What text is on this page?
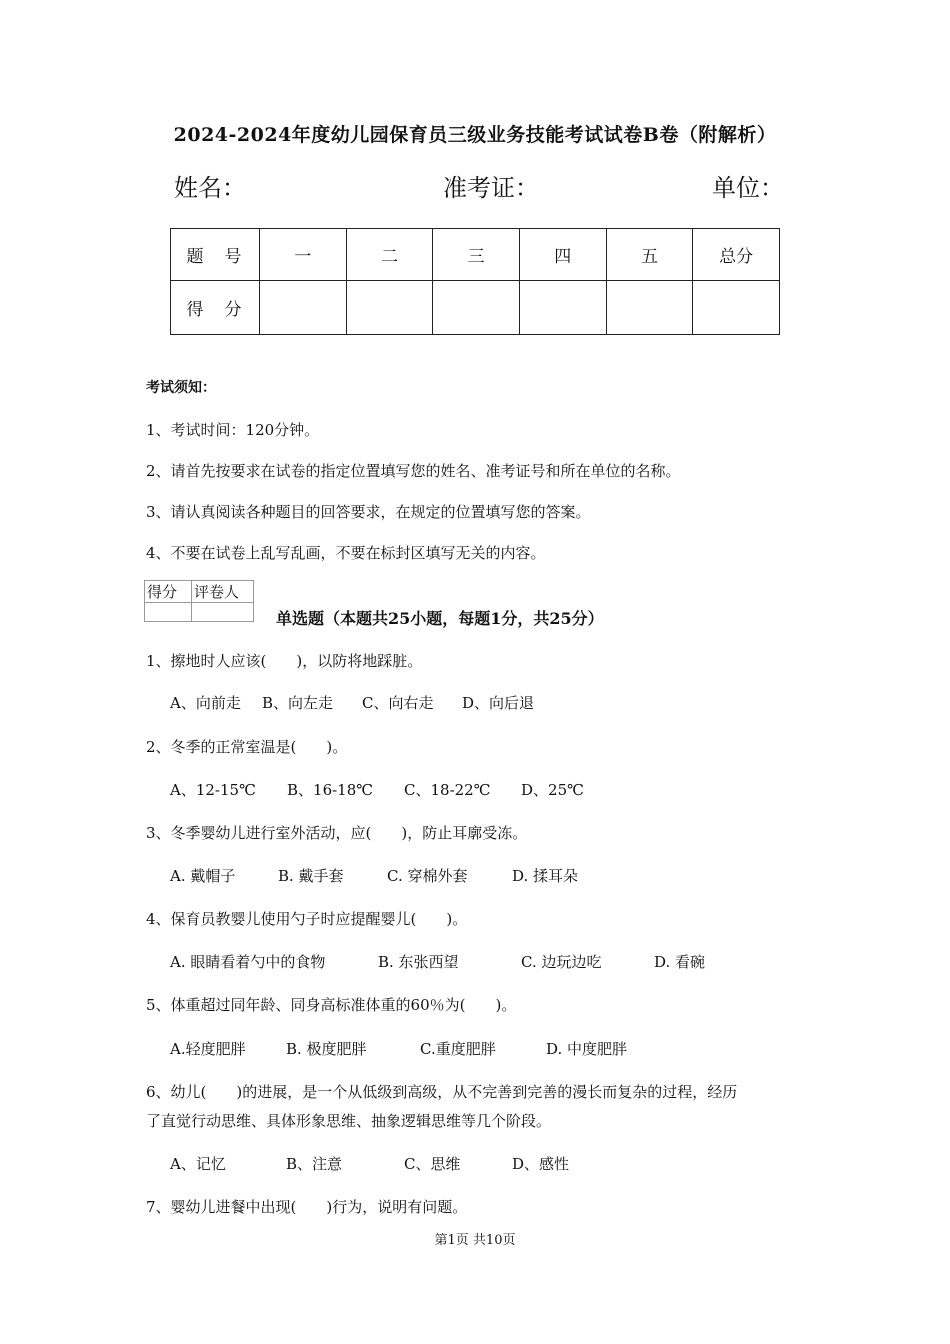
2024-2024年度幼儿园保育员三级业务技能考试试卷B卷（附解析）
姓名：	准考证：	单位：
题　号	一	二	三	四	五	总分
得　分						
考试须知：
1、考试时间：120分钟。
2、请首先按要求在试卷的指定位置填写您的姓名、准考证号和所在单位的名称。
3、请认真阅读各种题目的回答要求，在规定的位置填写您的答案。
4、不要在试卷上乱写乱画，不要在标封区填写无关的内容。
得分	评卷人

单选题（本题共25小题，每题1分，共25分）
1、擦地时人应该(　　)，以防将地踩脏。
A、向前走 B、向左走 C、向右走 D、向后退
2、冬季的正常室温是(　　)。
A、12-15℃ B、16-18℃ C、18-22℃ D、25℃
3、冬季婴幼儿进行室外活动，应(　　)，防止耳廓受冻。
A. 戴帽子	B. 戴手套	C. 穿棉外套	D. 揉耳朵
4、保育员教婴儿使用勺子时应提醒婴儿(　　)。
A. 眼睛看着勺中的食物	B. 东张西望	C. 边玩边吃	D. 看碗
5、体重超过同年龄、同身高标准体重的60％为(　　)。
A.轻度肥胖	B. 极度肥胖	C.重度肥胖	D. 中度肥胖
6、幼儿(　　)的进展，是一个从低级到高级，从不完善到完善的漫长而复杂的过程，经历
了直觉行动思维、具体形象思维、抽象逻辑思维等几个阶段。
A、记忆	B、注意	C、思维	D、感性
7、婴幼儿进餐中出现(　　)行为，说明有问题。
第1页 共10页
